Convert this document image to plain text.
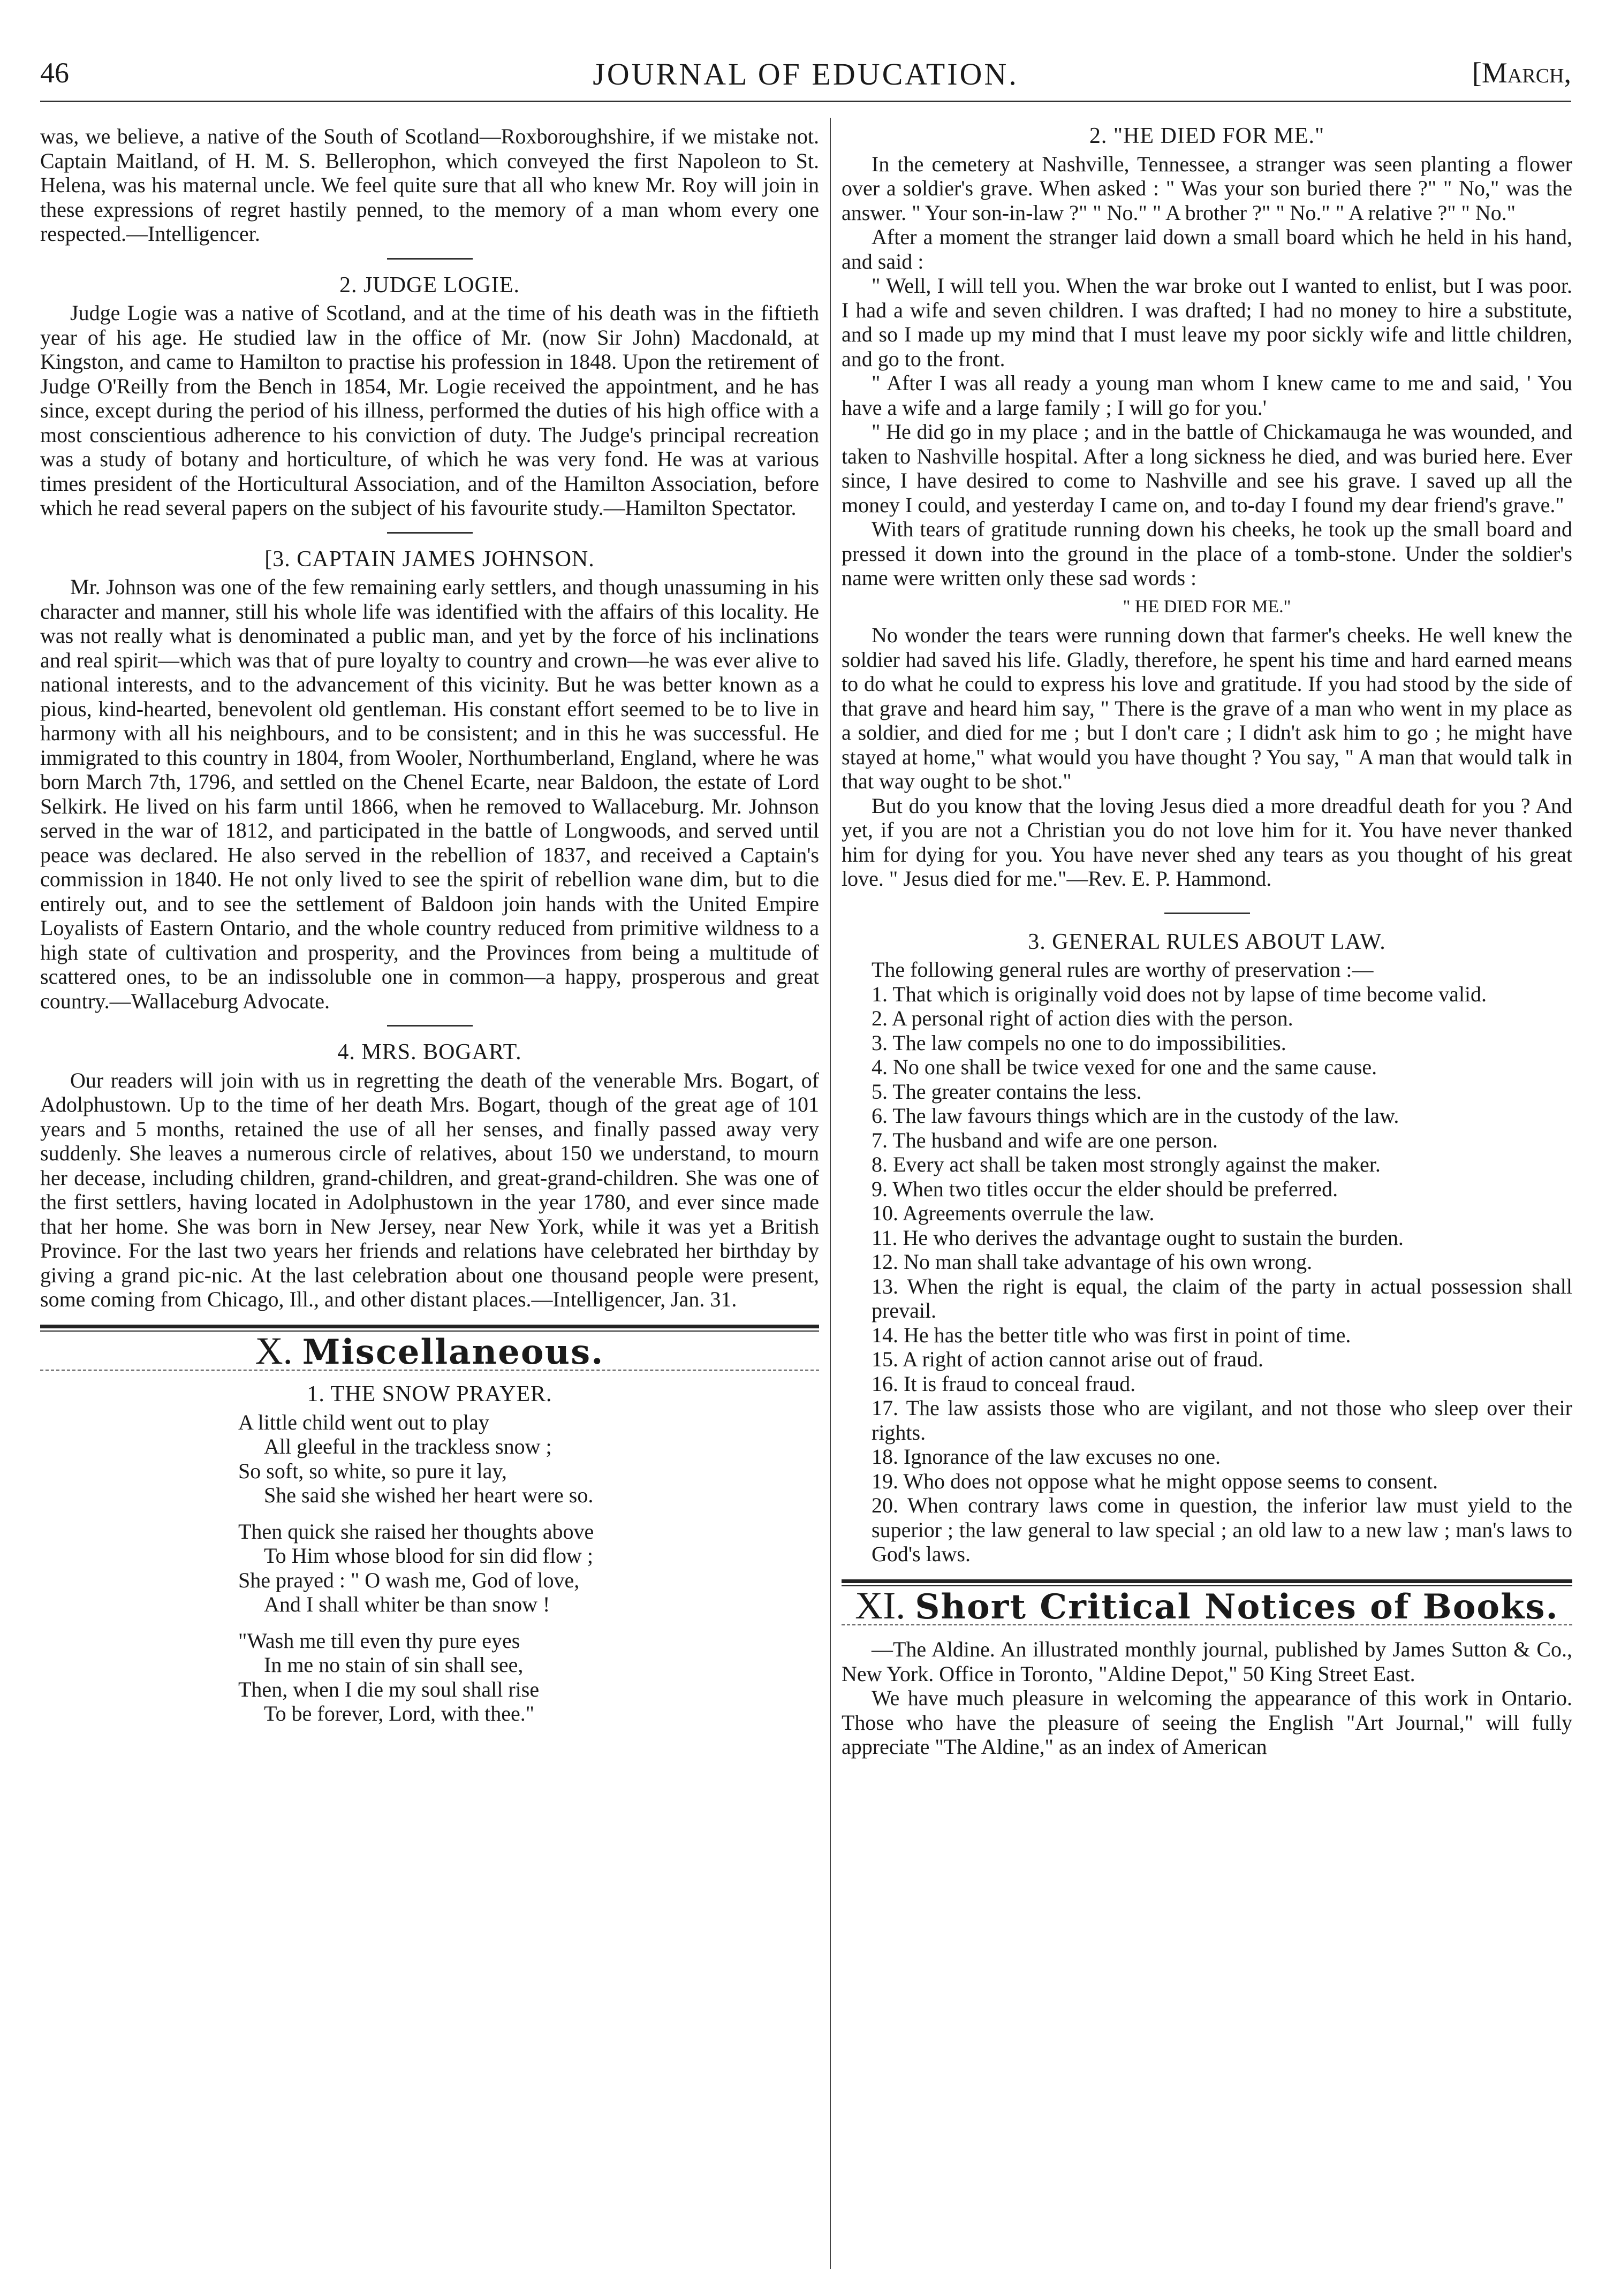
46	JOURNAL OF EDUCATION.	[March,

was, we believe, a native of the South of Scotland—Roxboroughshire, if we mistake not. Captain Maitland, of H. M. S. Bellerophon, which conveyed the first Napoleon to St. Helena, was his maternal uncle. We feel quite sure that all who knew Mr. Roy will join in these expressions of regret hastily penned, to the memory of a man whom every one respected.—Intelligencer.

2. JUDGE LOGIE.

Judge Logie was a native of Scotland, and at the time of his death was in the fiftieth year of his age. He studied law in the office of Mr. (now Sir John) Macdonald, at Kingston, and came to Hamilton to practise his profession in 1848. Upon the retirement of Judge O'Reilly from the Bench in 1854, Mr. Logie received the appointment, and he has since, except during the period of his illness, performed the duties of his high office with a most conscientious adherence to his conviction of duty. The Judge's principal recreation was a study of botany and horticulture, of which he was very fond. He was at various times president of the Horticultural Association, and of the Hamilton Association, before which he read several papers on the subject of his favourite study.—Hamilton Spectator.

[3. CAPTAIN JAMES JOHNSON.

Mr. Johnson was one of the few remaining early settlers, and though unassuming in his character and manner, still his whole life was identified with the affairs of this locality. He was not really what is denominated a public man, and yet by the force of his inclinations and real spirit—which was that of pure loyalty to country and crown—he was ever alive to national interests, and to the advancement of this vicinity. But he was better known as a pious, kind-hearted, benevolent old gentleman. His constant effort seemed to be to live in harmony with all his neighbours, and to be consistent; and in this he was successful. He immigrated to this country in 1804, from Wooler, Northumberland, England, where he was born March 7th, 1796, and settled on the Chenel Ecarte, near Baldoon, the estate of Lord Selkirk. He lived on his farm until 1866, when he removed to Wallaceburg. Mr. Johnson served in the war of 1812, and participated in the battle of Longwoods, and served until peace was declared. He also served in the rebellion of 1837, and received a Captain's commission in 1840. He not only lived to see the spirit of rebellion wane dim, but to die entirely out, and to see the settlement of Baldoon join hands with the United Empire Loyalists of Eastern Ontario, and the whole country reduced from primitive wildness to a high state of cultivation and prosperity, and the Provinces from being a multitude of scattered ones, to be an indissoluble one in common—a happy, prosperous and great country.—Wallaceburg Advocate.

4. MRS. BOGART.

Our readers will join with us in regretting the death of the venerable Mrs. Bogart, of Adolphustown. Up to the time of her death Mrs. Bogart, though of the great age of 101 years and 5 months, retained the use of all her senses, and finally passed away very suddenly. She leaves a numerous circle of relatives, about 150 we understand, to mourn her decease, including children, grand-children, and great-grand-children. She was one of the first settlers, having located in Adolphustown in the year 1780, and ever since made that her home. She was born in New Jersey, near New York, while it was yet a British Province. For the last two years her friends and relations have celebrated her birthday by giving a grand pic-nic. At the last celebration about one thousand people were present, some coming from Chicago, Ill., and other distant places.—Intelligencer, Jan. 31.

X. Miscellaneous.
1. THE SNOW PRAYER.
A little child went out to play
All gleeful in the trackless snow ;
So soft, so white, so pure it lay,
She said she wished her heart were so.
Then quick she raised her thoughts above
To Him whose blood for sin did flow ;
She prayed : " O wash me, God of love,
And I shall whiter be than snow !
"Wash me till even thy pure eyes
In me no stain of sin shall see,
Then, when I die my soul shall rise
To be forever, Lord, with thee."
2. "HE DIED FOR ME."

In the cemetery at Nashville, Tennessee, a stranger was seen planting a flower over a soldier's grave. When asked : " Was your son buried there ?" " No," was the answer. " Your son-in-law ?" " No." " A brother ?" " No." " A relative ?" " No."

After a moment the stranger laid down a small board which he held in his hand, and said :

" Well, I will tell you. When the war broke out I wanted to enlist, but I was poor. I had a wife and seven children. I was drafted; I had no money to hire a substitute, and so I made up my mind that I must leave my poor sickly wife and little children, and go to the front.

" After I was all ready a young man whom I knew came to me and said, ' You have a wife and a large family ; I will go for you.'

" He did go in my place ; and in the battle of Chickamauga he was wounded, and taken to Nashville hospital. After a long sickness he died, and was buried here. Ever since, I have desired to come to Nashville and see his grave. I saved up all the money I could, and yesterday I came on, and to-day I found my dear friend's grave."

With tears of gratitude running down his cheeks, he took up the small board and pressed it down into the ground in the place of a tomb-stone. Under the soldier's name were written only these sad words :

" HE DIED FOR ME."

No wonder the tears were running down that farmer's cheeks. He well knew the soldier had saved his life. Gladly, therefore, he spent his time and hard earned means to do what he could to express his love and gratitude. If you had stood by the side of that grave and heard him say, " There is the grave of a man who went in my place as a soldier, and died for me ; but I don't care ; I didn't ask him to go ; he might have stayed at home," what would you have thought ? You say, " A man that would talk in that way ought to be shot."

But do you know that the loving Jesus died a more dreadful death for you ? And yet, if you are not a Christian you do not love him for it. You have never thanked him for dying for you. You have never shed any tears as you thought of his great love. " Jesus died for me."—Rev. E. P. Hammond.

3. GENERAL RULES ABOUT LAW.

The following general rules are worthy of preservation :—

1. That which is originally void does not by lapse of time become valid.
2. A personal right of action dies with the person.
3. The law compels no one to do impossibilities.
4. No one shall be twice vexed for one and the same cause.
5. The greater contains the less.
6. The law favours things which are in the custody of the law.
7. The husband and wife are one person.
8. Every act shall be taken most strongly against the maker.
9. When two titles occur the elder should be preferred.
10. Agreements overrule the law.
11. He who derives the advantage ought to sustain the burden.
12. No man shall take advantage of his own wrong.
13. When the right is equal, the claim of the party in actual possession shall prevail.
14. He has the better title who was first in point of time.
15. A right of action cannot arise out of fraud.
16. It is fraud to conceal fraud.
17. The law assists those who are vigilant, and not those who sleep over their rights.
18. Ignorance of the law excuses no one.
19. Who does not oppose what he might oppose seems to consent.
20. When contrary laws come in question, the inferior law must yield to the superior ; the law general to law special ; an old law to a new law ; man's laws to God's laws.
XI. Short Critical Notices of Books.

—The Aldine. An illustrated monthly journal, published by James Sutton & Co., New York. Office in Toronto, "Aldine Depot," 50 King Street East.

We have much pleasure in welcoming the appearance of this work in Ontario. Those who have the pleasure of seeing the English "Art Journal," will fully appreciate "The Aldine," as an index of American
